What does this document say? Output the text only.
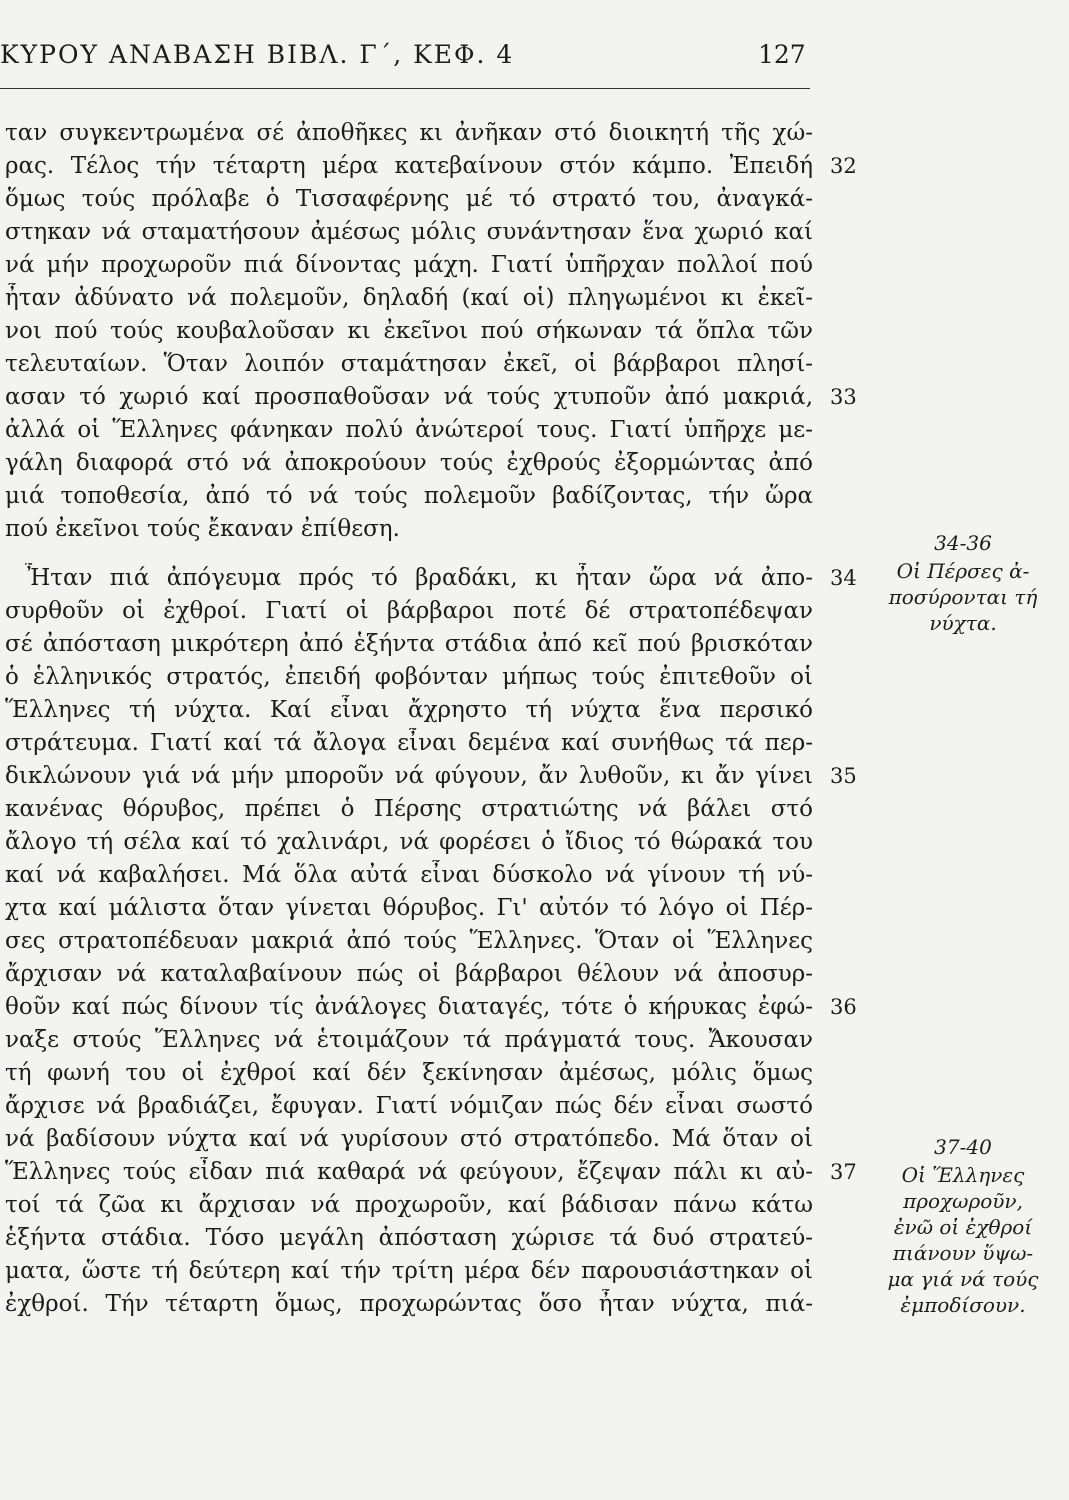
ΚΥΡΟΥ ΑΝΑΒΑΣΗ ΒΙΒΛ. Γ΄, ΚΕΦ. 4	127
ταν συγκεντρωμένα σέ ἀποθῆκες κι ἀνῆκαν στό διοικητή τῆς χώ-
ρας. Τέλος τήν τέταρτη μέρα κατεβαίνουν στόν κάμπο. Ἐπειδή
ὅμως τούς πρόλαβε ὁ Τισσαφέρνης μέ τό στρατό του, ἀναγκά-
στηκαν νά σταματήσουν ἀμέσως μόλις συνάντησαν ἕνα χωριό καί
νά μήν προχωροῦν πιά δίνοντας μάχη. Γιατί ὑπῆρχαν πολλοί πού
ἦταν ἀδύνατο νά πολεμοῦν, δηλαδή (καί οἱ) πληγωμένοι κι ἐκεῖ-
νοι πού τούς κουβαλοῦσαν κι ἐκεῖνοι πού σήκωναν τά ὅπλα τῶν
τελευταίων. Ὅταν λοιπόν σταμάτησαν ἐκεῖ, οἱ βάρβαροι πλησί-
ασαν τό χωριό καί προσπαθοῦσαν νά τούς χτυποῦν ἀπό μακριά,
ἀλλά οἱ Ἕλληνες φάνηκαν πολύ ἀνώτεροί τους. Γιατί ὑπῆρχε με-
γάλη διαφορά στό νά ἀποκρούουν τούς ἐχθρούς ἐξορμώντας ἀπό
μιά τοποθεσία, ἀπό τό νά τούς πολεμοῦν βαδίζοντας, τήν ὥρα
πού ἐκεῖνοι τούς ἔκαναν ἐπίθεση.
Ἦταν πιά ἀπόγευμα πρός τό βραδάκι, κι ἦταν ὥρα νά ἀπο-
συρθοῦν οἱ ἐχθροί. Γιατί οἱ βάρβαροι ποτέ δέ στρατοπέδεψαν
σέ ἀπόσταση μικρότερη ἀπό ἑξήντα στάδια ἀπό κεῖ πού βρισκόταν
ὁ ἑλληνικός στρατός, ἐπειδή φοβόνταν μήπως τούς ἐπιτεθοῦν οἱ
Ἕλληνες τή νύχτα. Καί εἶναι ἄχρηστο τή νύχτα ἕνα περσικό
στράτευμα. Γιατί καί τά ἄλογα εἶναι δεμένα καί συνήθως τά περ-
δικλώνουν γιά νά μήν μποροῦν νά φύγουν, ἄν λυθοῦν, κι ἄν γίνει
κανένας θόρυβος, πρέπει ὁ Πέρσης στρατιώτης νά βάλει στό
ἄλογο τή σέλα καί τό χαλινάρι, νά φορέσει ὁ ἴδιος τό θώρακά του
καί νά καβαλήσει. Μά ὅλα αὐτά εἶναι δύσκολο νά γίνουν τή νύ-
χτα καί μάλιστα ὅταν γίνεται θόρυβος. Γι' αὐτόν τό λόγο οἱ Πέρ-
σες στρατοπέδευαν μακριά ἀπό τούς Ἕλληνες. Ὅταν οἱ Ἕλληνες
ἄρχισαν νά καταλαβαίνουν πώς οἱ βάρβαροι θέλουν νά ἀποσυρ-
θοῦν καί πώς δίνουν τίς ἀνάλογες διαταγές, τότε ὁ κήρυκας ἐφώ-
ναξε στούς Ἕλληνες νά ἑτοιμάζουν τά πράγματά τους. Ἄκουσαν
τή φωνή του οἱ ἐχθροί καί δέν ξεκίνησαν ἀμέσως, μόλις ὅμως
ἄρχισε νά βραδιάζει, ἔφυγαν. Γιατί νόμιζαν πώς δέν εἶναι σωστό
νά βαδίσουν νύχτα καί νά γυρίσουν στό στρατόπεδο. Μά ὅταν οἱ
Ἕλληνες τούς εἶδαν πιά καθαρά νά φεύγουν, ἔζεψαν πάλι κι αὐ-
τοί τά ζῶα κι ἄρχισαν νά προχωροῦν, καί βάδισαν πάνω κάτω
ἑξήντα στάδια. Τόσο μεγάλη ἀπόσταση χώρισε τά δυό στρατεύ-
ματα, ὥστε τή δεύτερη καί τήν τρίτη μέρα δέν παρουσιάστηκαν οἱ
ἐχθροί. Τήν τέταρτη ὅμως, προχωρώντας ὅσο ἦταν νύχτα, πιά-
32
33
34
35
36
37
34-36
Οἱ Πέρσες ἀ-
ποσύρονται τή
νύχτα.
37-40
Οἱ Ἕλληνες
προχωροῦν,
ἐνῶ οἱ ἐχθροί
πιάνουν ὕψω-
μα γιά νά τούς
ἐμποδίσουν.
